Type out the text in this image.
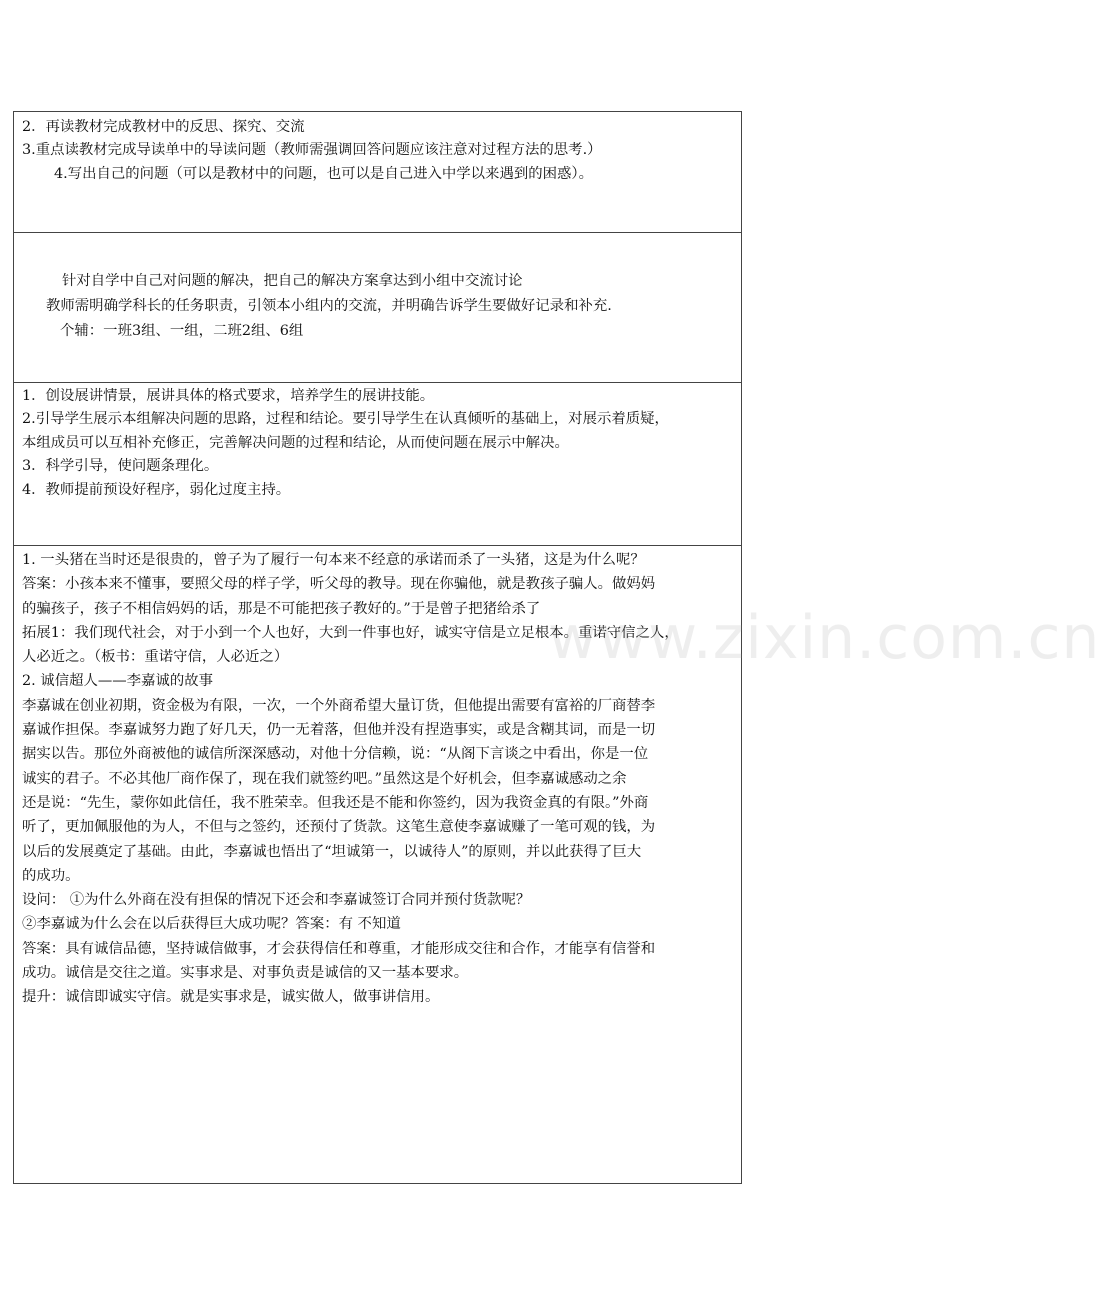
2．再读教材完成教材中的反思、探究、交流
3.重点读教材完成导读单中的导读问题（教师需强调回答问题应该注意对过程方法的思考.）
4.写出自己的问题（可以是教材中的问题，也可以是自己进入中学以来遇到的困惑）。
针对自学中自己对问题的解决，把自己的解决方案拿达到小组中交流讨论
教师需明确学科长的任务职责，引领本小组内的交流，并明确告诉学生要做好记录和补充.
个辅：一班3组、一组，二班2组、6组
1．创设展讲情景，展讲具体的格式要求，培养学生的展讲技能。
2.引导学生展示本组解决问题的思路，过程和结论。要引导学生在认真倾听的基础上，对展示着质疑，
本组成员可以互相补充修正，完善解决问题的过程和结论，从而使问题在展示中解决。
3．科学引导，使问题条理化。
4．教师提前预设好程序，弱化过度主持。
1. 一头猪在当时还是很贵的，曾子为了履行一句本来不经意的承诺而杀了一头猪，这是为什么呢？
答案：小孩本来不懂事，要照父母的样子学，听父母的教导。现在你骗他，就是教孩子骗人。做妈妈
的骗孩子，孩子不相信妈妈的话，那是不可能把孩子教好的。”于是曾子把猪给杀了
拓展1：我们现代社会，对于小到一个人也好，大到一件事也好，诚实守信是立足根本。重诺守信之人，
人必近之。（板书：重诺守信，人必近之）
2. 诚信超人——李嘉诚的故事
李嘉诚在创业初期，资金极为有限，一次，一个外商希望大量订货，但他提出需要有富裕的厂商替李
嘉诚作担保。李嘉诚努力跑了好几天，仍一无着落，但他并没有捏造事实，或是含糊其词，而是一切
据实以告。那位外商被他的诚信所深深感动，对他十分信赖，说：“从阁下言谈之中看出，你是一位
诚实的君子。不必其他厂商作保了，现在我们就签约吧。”虽然这是个好机会，但李嘉诚感动之余
还是说：“先生，蒙你如此信任，我不胜荣幸。但我还是不能和你签约，因为我资金真的有限。”外商
听了，更加佩服他的为人，不但与之签约，还预付了货款。这笔生意使李嘉诚赚了一笔可观的钱，为
以后的发展奠定了基础。由此，李嘉诚也悟出了“坦诚第一，以诚待人”的原则，并以此获得了巨大
的成功。
设问： ①为什么外商在没有担保的情况下还会和李嘉诚签订合同并预付货款呢？
②李嘉诚为什么会在以后获得巨大成功呢？答案：有 不知道
答案：具有诚信品德，坚持诚信做事，才会获得信任和尊重，才能形成交往和合作，才能享有信誉和
成功。诚信是交往之道。实事求是、对事负责是诚信的又一基本要求。
提升：诚信即诚实守信。就是实事求是，诚实做人，做事讲信用。
www.zixin.com.cn
